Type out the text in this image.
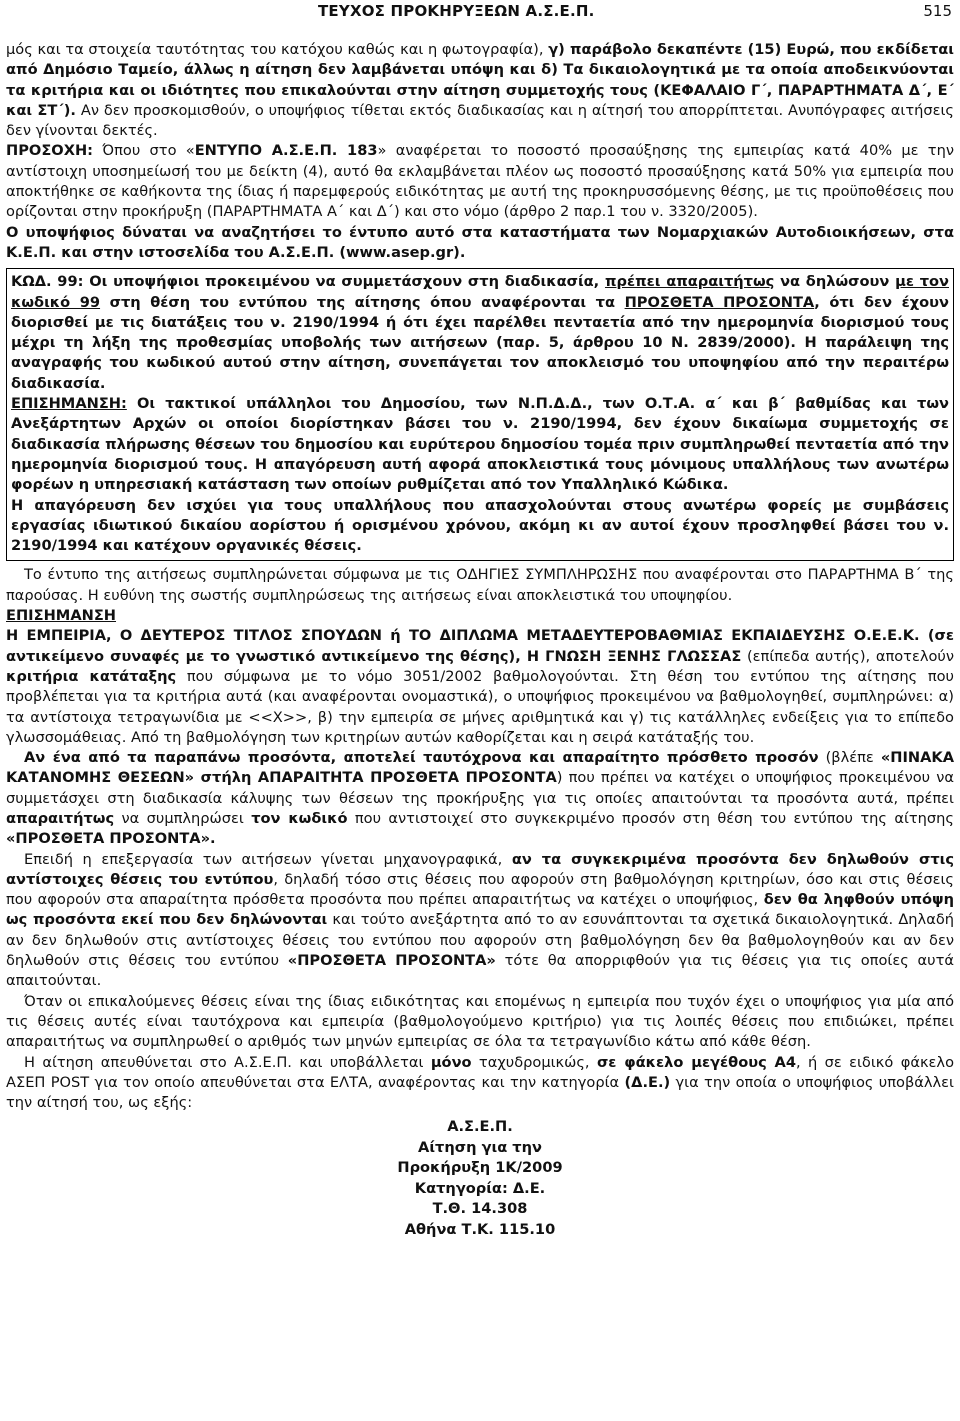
ΤΕΥΧΟΣ ΠΡΟΚΗΡΥΞΕΩΝ Α.Σ.Ε.Π.	515

μός και τα στοιχεία ταυτότητας του κατόχου καθώς και η φωτογραφία), γ) παράβολο δεκαπέντε (15) Ευρώ, που εκδίδεται από Δημόσιο Ταμείο, άλλως η αίτηση δεν λαμβάνεται υπόψη και δ) Τα δικαιολογητικά με τα οποία αποδεικνύονται τα κριτήρια και οι ιδιότητες που επικαλούνται στην αίτηση συμμετοχής τους (ΚΕΦΑΛΑΙΟ Γ΄, ΠΑΡΑΡΤΗΜΑΤΑ Δ΄, Ε΄ και ΣΤ΄). Αν δεν προσκομισθούν, ο υποψήφιος τίθεται εκτός διαδικασίας και η αίτησή του απορρίπτεται. Ανυπόγραφες αιτήσεις δεν γίνονται δεκτές.

ΠΡΟΣΟΧΗ: Όπου στο «ΕΝΤΥΠΟ Α.Σ.Ε.Π. 183» αναφέρεται το ποσοστό προσαύξησης της εμπειρίας κατά 40% με την αντίστοιχη υποσημείωσή του με δείκτη (4), αυτό θα εκλαμβάνεται πλέον ως ποσοστό προσαύξησης κατά 50% για εμπειρία που αποκτήθηκε σε καθήκοντα της ίδιας ή παρεμφερούς ειδικότητας με αυτή της προκηρυσσόμενης θέσης, με τις προϋποθέσεις που ορίζονται στην προκήρυξη (ΠΑΡΑΡΤΗΜΑΤΑ Α΄ και Δ΄) και στο νόμο (άρθρο 2 παρ.1 του ν. 3320/2005).

Ο υποψήφιος δύναται να αναζητήσει το έντυπο αυτό στα καταστήματα των Νομαρχιακών Αυτοδιοικήσεων, στα Κ.Ε.Π. και στην ιστοσελίδα του Α.Σ.Ε.Π. (www.asep.gr).

ΚΩΔ. 99: Οι υποψήφιοι προκειμένου να συμμετάσχουν στη διαδικασία, πρέπει απαραιτήτως να δηλώσουν με τον κωδικό 99 στη θέση του εντύπου της αίτησης όπου αναφέρονται τα ΠΡΟΣΘΕΤΑ ΠΡΟΣΟΝΤΑ, ότι δεν έχουν διορισθεί με τις διατάξεις του ν. 2190/1994 ή ότι έχει παρέλθει πενταετία από την ημερομηνία διορισμού τους μέχρι τη λήξη της προθεσμίας υποβολής των αιτήσεων (παρ. 5, άρθρου 10 Ν. 2839/2000). Η παράλειψη της αναγραφής του κωδικού αυτού στην αίτηση, συνεπάγεται τον αποκλεισμό του υποψηφίου από την περαιτέρω διαδικασία.

ΕΠΙΣΗΜΑΝΣΗ: Οι τακτικοί υπάλληλοι του Δημοσίου, των Ν.Π.Δ.Δ., των Ο.Τ.Α. α΄ και β΄ βαθμίδας και των Ανεξάρτητων Αρχών οι οποίοι διορίστηκαν βάσει του ν. 2190/1994, δεν έχουν δικαίωμα συμμετοχής σε διαδικασία πλήρωσης θέσεων του δημοσίου και ευρύτερου δημοσίου τομέα πριν συμπληρωθεί πενταετία από την ημερομηνία διορισμού τους. Η απαγόρευση αυτή αφορά αποκλειστικά τους μόνιμους υπαλλήλους των ανωτέρω φορέων η υπηρεσιακή κατάσταση των οποίων ρυθμίζεται από τον Υπαλληλικό Κώδικα.

Η απαγόρευση δεν ισχύει για τους υπαλλήλους που απασχολούνται στους ανωτέρω φορείς με συμβάσεις εργασίας ιδιωτικού δικαίου αορίστου ή ορισμένου χρόνου, ακόμη κι αν αυτοί έχουν προσληφθεί βάσει του ν. 2190/1994 και κατέχουν οργανικές θέσεις.

Το έντυπο της αιτήσεως συμπληρώνεται σύμφωνα με τις ΟΔΗΓΙΕΣ ΣΥΜΠΛΗΡΩΣΗΣ που αναφέρονται στο ΠΑΡΑΡΤΗΜΑ Β΄ της παρούσας. Η ευθύνη της σωστής συμπληρώσεως της αιτήσεως είναι αποκλειστικά του υποψηφίου.

ΕΠΙΣΗΜΑΝΣΗ

Η ΕΜΠΕΙΡΙΑ, Ο ΔΕΥΤΕΡΟΣ ΤΙΤΛΟΣ ΣΠΟΥΔΩΝ ή ΤΟ ΔΙΠΛΩΜΑ ΜΕΤΑΔΕΥΤΕΡΟΒΑΘΜΙΑΣ ΕΚΠΑΙΔΕΥΣΗΣ Ο.Ε.Ε.Κ. (σε αντικείμενο συναφές με το γνωστικό αντικείμενο της θέσης), Η ΓΝΩΣΗ ΞΕΝΗΣ ΓΛΩΣΣΑΣ (επίπεδα αυτής), αποτελούν κριτήρια κατάταξης που σύμφωνα με το νόμο 3051/2002 βαθμολογούνται. Στη θέση του εντύπου της αίτησης που προβλέπεται για τα κριτήρια αυτά (και αναφέρονται ονομαστικά), ο υποψήφιος προκειμένου να βαθμολογηθεί, συμπληρώνει: α) τα αντίστοιχα τετραγωνίδια με <<Χ>>, β) την εμπειρία σε μήνες αριθμητικά και γ) τις κατάλληλες ενδείξεις για το επίπεδο γλωσσομάθειας. Από τη βαθμολόγηση των κριτηρίων αυτών καθορίζεται και η σειρά κατάταξής του.

Αν ένα από τα παραπάνω προσόντα, αποτελεί ταυτόχρονα και απαραίτητο πρόσθετο προσόν (βλέπε «ΠΙΝΑΚΑ ΚΑΤΑΝΟΜΗΣ ΘΕΣΕΩΝ» στήλη ΑΠΑΡΑΙΤΗΤΑ ΠΡΟΣΘΕΤΑ ΠΡΟΣΟΝΤΑ) που πρέπει να κατέχει ο υποψήφιος προκειμένου να συμμετάσχει στη διαδικασία κάλυψης των θέσεων της προκήρυξης για τις οποίες απαιτούνται τα προσόντα αυτά, πρέπει απαραιτήτως να συμπληρώσει τον κωδικό που αντιστοιχεί στο συγκεκριμένο προσόν στη θέση του εντύπου της αίτησης «ΠΡΟΣΘΕΤΑ ΠΡΟΣΟΝΤΑ».

Επειδή η επεξεργασία των αιτήσεων γίνεται μηχανογραφικά, αν τα συγκεκριμένα προσόντα δεν δηλωθούν στις αντίστοιχες θέσεις του εντύπου, δηλαδή τόσο στις θέσεις που αφορούν στη βαθμολόγηση κριτηρίων, όσο και στις θέσεις που αφορούν στα απαραίτητα πρόσθετα προσόντα που πρέπει απαραιτήτως να κατέχει ο υποψήφιος, δεν θα ληφθούν υπόψη ως προσόντα εκεί που δεν δηλώνονται και τούτο ανεξάρτητα από το αν εσυνάπτονται τα σχετικά δικαιολογητικά. Δηλαδή αν δεν δηλωθούν στις αντίστοιχες θέσεις του εντύπου που αφορούν στη βαθμολόγηση δεν θα βαθμολογηθούν και αν δεν δηλωθούν στις θέσεις του εντύπου «ΠΡΟΣΘΕΤΑ ΠΡΟΣΟΝΤΑ» τότε θα απορριφθούν για τις θέσεις για τις οποίες αυτά απαιτούνται.

Όταν οι επικαλούμενες θέσεις είναι της ίδιας ειδικότητας και επομένως η εμπειρία που τυχόν έχει ο υποψήφιος για μία από τις θέσεις αυτές είναι ταυτόχρονα και εμπειρία (βαθμολογούμενο κριτήριο) για τις λοιπές θέσεις που επιδιώκει, πρέπει απαραιτήτως να συμπληρωθεί ο αριθμός των μηνών εμπειρίας σε όλα τα τετραγωνίδιο κάτω από κάθε θέση.

Η αίτηση απευθύνεται στο Α.Σ.Ε.Π. και υποβάλλεται μόνο ταχυδρομικώς, σε φάκελο μεγέθους Α4, ή σε ειδικό φάκελο ΑΣΕΠ POST για τον οποίο απευθύνεται στα ΕΛΤΑ, αναφέροντας και την κατηγορία (Δ.Ε.) για την οποία ο υποψήφιος υποβάλλει την αίτησή του, ως εξής:

Α.Σ.Ε.Π.

Αίτηση για την

Προκήρυξη 1Κ/2009

Κατηγορία: Δ.Ε.

Τ.Θ. 14.308

Αθήνα Τ.Κ. 115.10
